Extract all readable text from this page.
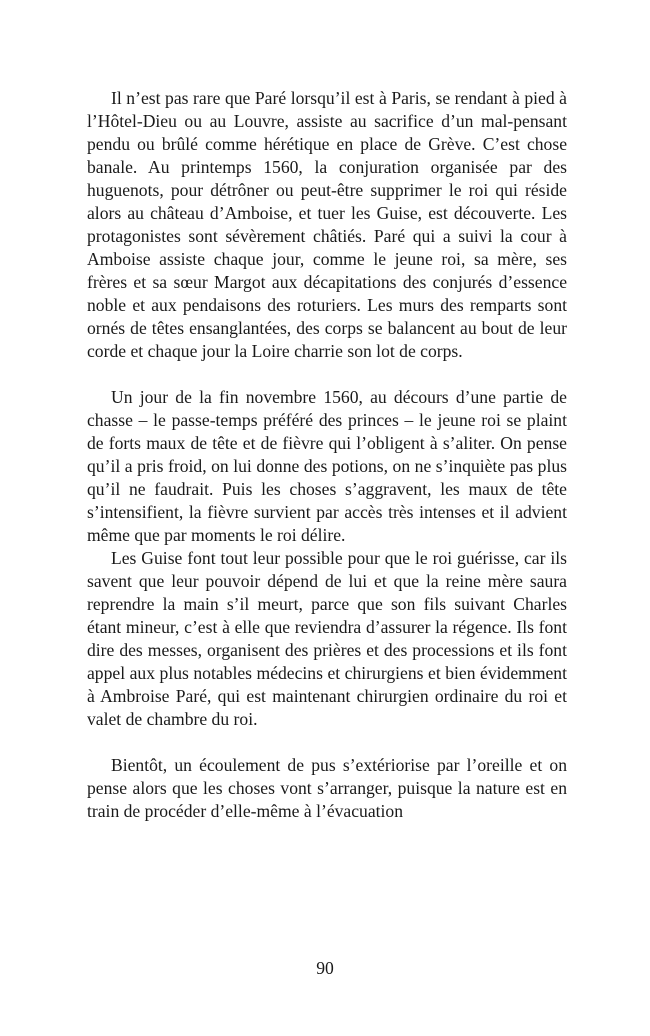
Il n’est pas rare que Paré lorsqu’il est à Paris, se rendant à pied à l’Hôtel-Dieu ou au Louvre, assiste au sacrifice d’un mal-pensant pendu ou brûlé comme hérétique en place de Grève. C’est chose banale. Au printemps 1560, la conjuration organisée par des huguenots, pour détrôner ou peut-être supprimer le roi qui réside alors au château d’Amboise, et tuer les Guise, est découverte. Les protagonistes sont sévèrement châtiés. Paré qui a suivi la cour à Amboise assiste chaque jour, comme le jeune roi, sa mère, ses frères et sa sœur Margot aux décapitations des conjurés d’essence noble et aux pendaisons des roturiers. Les murs des remparts sont ornés de têtes ensanglantées, des corps se balancent au bout de leur corde et chaque jour la Loire charrie son lot de corps.

Un jour de la fin novembre 1560, au décours d’une partie de chasse – le passe-temps préféré des princes – le jeune roi se plaint de forts maux de tête et de fièvre qui l’obligent à s’aliter. On pense qu’il a pris froid, on lui donne des potions, on ne s’inquiète pas plus qu’il ne faudrait. Puis les choses s’aggravent, les maux de tête s’intensifient, la fièvre survient par accès très intenses et il advient même que par moments le roi délire.

Les Guise font tout leur possible pour que le roi guérisse, car ils savent que leur pouvoir dépend de lui et que la reine mère saura reprendre la main s’il meurt, parce que son fils suivant Charles étant mineur, c’est à elle que reviendra d’assurer la régence. Ils font dire des messes, organisent des prières et des processions et ils font appel aux plus notables médecins et chirurgiens et bien évidemment à Ambroise Paré, qui est maintenant chirurgien ordinaire du roi et valet de chambre du roi.

Bientôt, un écoulement de pus s’extériorise par l’oreille et on pense alors que les choses vont s’arranger, puisque la nature est en train de procéder d’elle-même à l’évacuation

90
